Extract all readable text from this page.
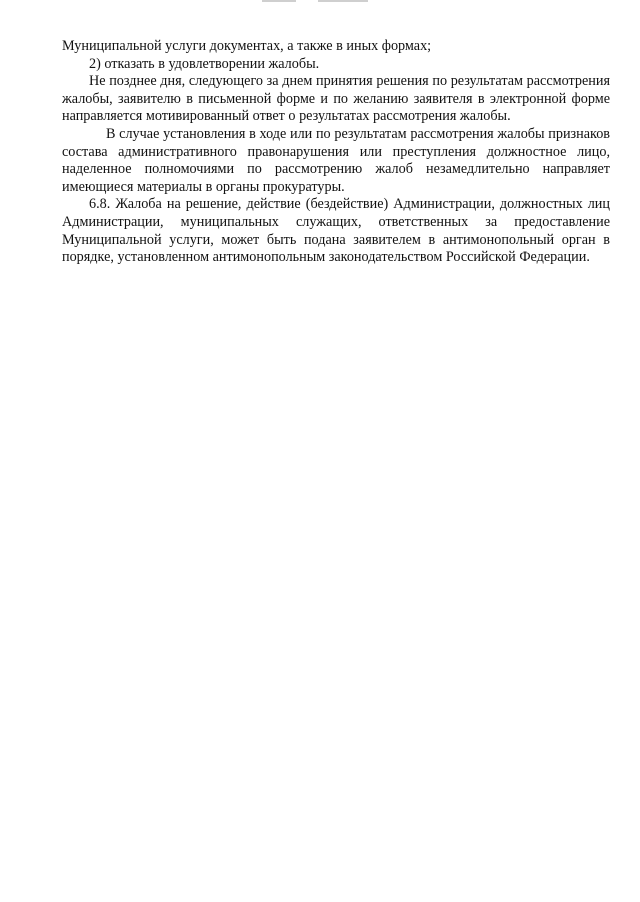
Муниципальной услуги документах, а также в иных формах;

2) отказать в удовлетворении жалобы.

Не позднее дня, следующего за днем принятия решения по результатам рассмотрения жалобы, заявителю в письменной форме и по желанию заявителя в электронной форме направляется мотивированный ответ о результатах рассмотрения жалобы.

В случае установления в ходе или по результатам рассмотрения жалобы признаков состава административного правонарушения или преступления должностное лицо, наделенное полномочиями по рассмотрению жалоб незамедлительно направляет имеющиеся материалы в органы прокуратуры.

6.8. Жалоба на решение, действие (бездействие) Администрации, должностных лиц Администрации, муниципальных служащих, ответственных за предоставление Муниципальной услуги, может быть подана заявителем в антимонопольный орган в порядке, установленном антимонопольным законодательством Российской Федерации.
